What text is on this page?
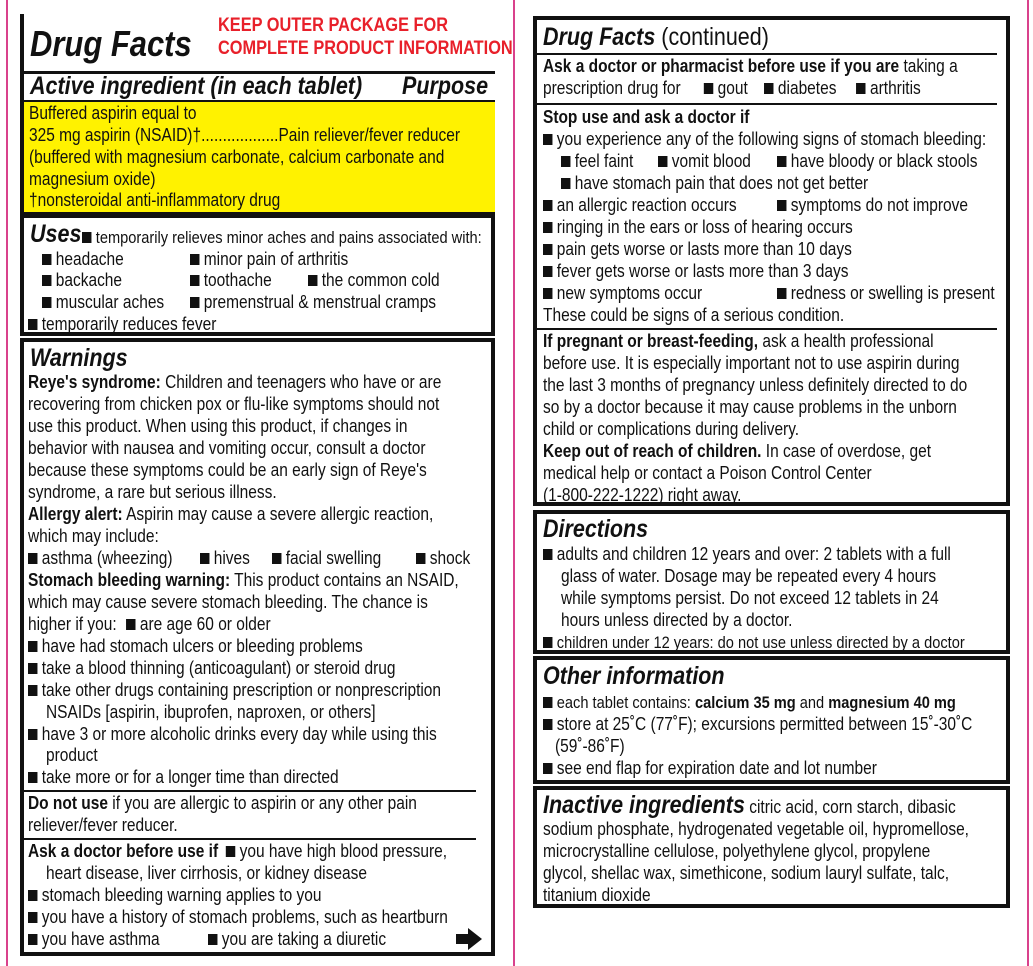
Drug Facts KEEP OUTER PACKAGE FOR
COMPLETE PRODUCT INFORMATION
Active ingredient (in each tablet) Purpose
Buffered aspirin equal to
325 mg aspirin (NSAID)†..................Pain reliever/fever reducer
(buffered with magnesium carbonate, calcium carbonate and
magnesium oxide)
†nonsteroidal anti-inflammatory drug
Uses temporarily relieves minor aches and pains associated with:
headache	minor pain of arthritis
backache	toothache	the common cold
muscular aches	premenstrual & menstrual cramps
temporarily reduces fever
Warnings
Reye's syndrome: Children and teenagers who have or are
recovering from chicken pox or flu-like symptoms should not
use this product. When using this product, if changes in
behavior with nausea and vomiting occur, consult a doctor
because these symptoms could be an early sign of Reye's
syndrome, a rare but serious illness.
Allergy alert: Aspirin may cause a severe allergic reaction,
which may include:
asthma (wheezing)	hives	facial swelling	shock
Stomach bleeding warning: This product contains an NSAID,
which may cause severe stomach bleeding. The chance is
higher if you: are age 60 or older
have had stomach ulcers or bleeding problems
take a blood thinning (anticoagulant) or steroid drug
take other drugs containing prescription or nonprescription
NSAIDs [aspirin, ibuprofen, naproxen, or others]
have 3 or more alcoholic drinks every day while using this
product
take more or for a longer time than directed
Do not use if you are allergic to aspirin or any other pain
reliever/fever reducer.
Ask a doctor before use if you have high blood pressure,
heart disease, liver cirrhosis, or kidney disease
stomach bleeding warning applies to you
you have a history of stomach problems, such as heartburn
you have asthma	you are taking a diuretic
Drug Facts (continued)
Ask a doctor or pharmacist before use if you are taking a
prescription drug for gout diabetes arthritis
Stop use and ask a doctor if
you experience any of the following signs of stomach bleeding:
feel faint	vomit blood	have bloody or black stools
have stomach pain that does not get better
an allergic reaction occurs	symptoms do not improve
ringing in the ears or loss of hearing occurs
pain gets worse or lasts more than 10 days
fever gets worse or lasts more than 3 days
new symptoms occur	redness or swelling is present
These could be signs of a serious condition.
If pregnant or breast-feeding, ask a health professional
before use. It is especially important not to use aspirin during
the last 3 months of pregnancy unless definitely directed to do
so by a doctor because it may cause problems in the unborn
child or complications during delivery.
Keep out of reach of children. In case of overdose, get
medical help or contact a Poison Control Center
(1-800-222-1222) right away.
Directions
adults and children 12 years and over: 2 tablets with a full
glass of water. Dosage may be repeated every 4 hours
while symptoms persist. Do not exceed 12 tablets in 24
hours unless directed by a doctor.
children under 12 years: do not use unless directed by a doctor
Other information
each tablet contains: calcium 35 mg and magnesium 40 mg
store at 25˚C (77˚F); excursions permitted between 15˚-30˚C
(59˚-86˚F)
see end flap for expiration date and lot number
Inactive ingredients citric acid, corn starch, dibasic
sodium phosphate, hydrogenated vegetable oil, hypromellose,
microcrystalline cellulose, polyethylene glycol, propylene
glycol, shellac wax, simethicone, sodium lauryl sulfate, talc,
titanium dioxide
